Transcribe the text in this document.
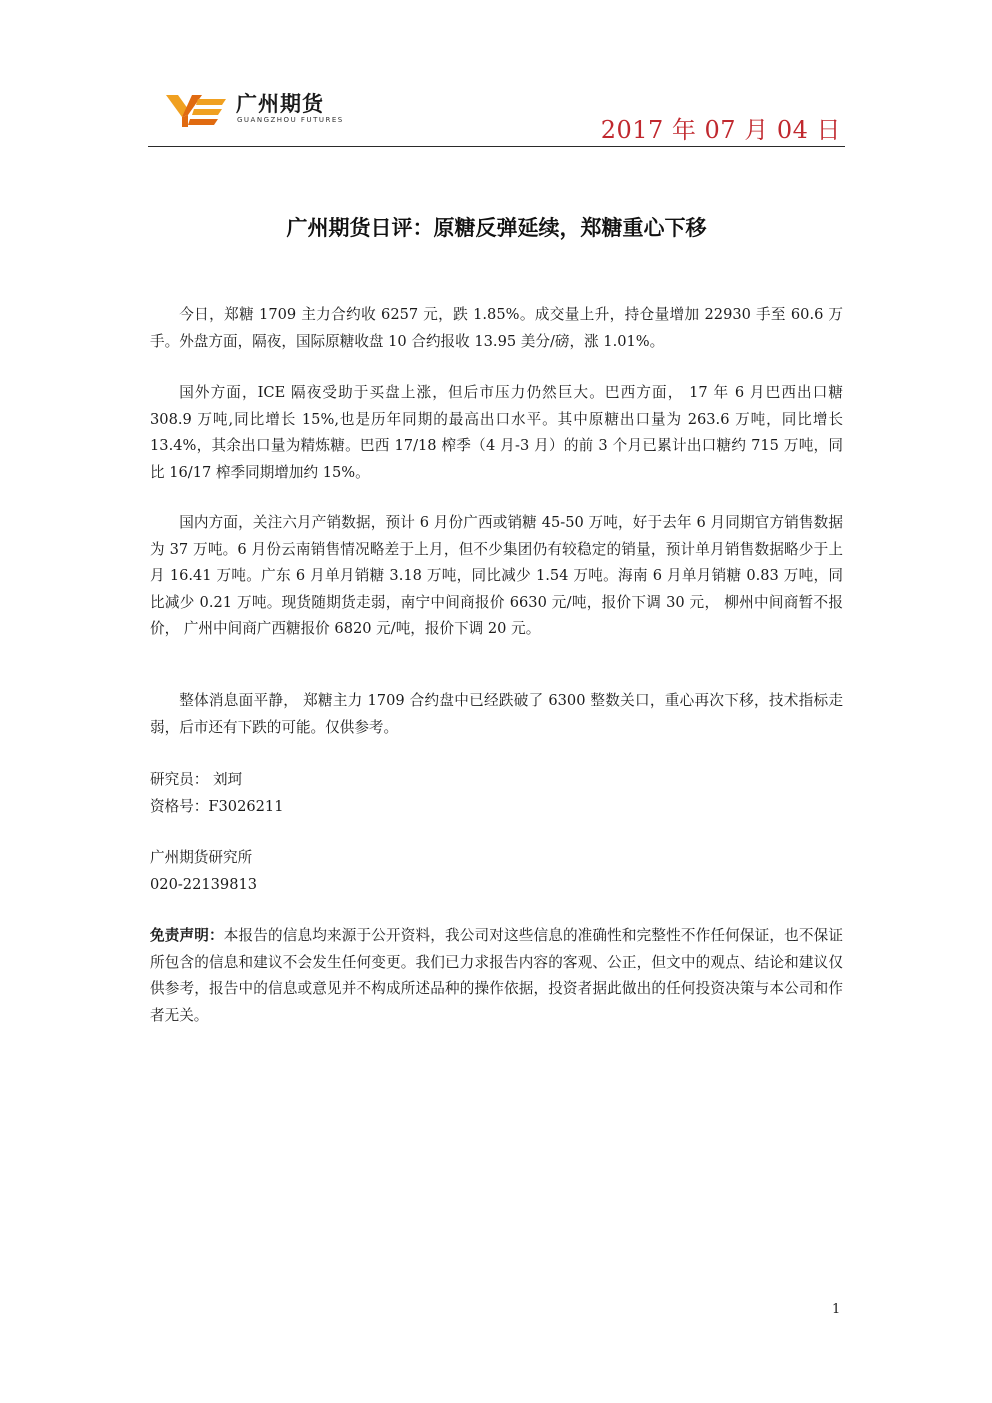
广州期货
GUANGZHOU FUTURES	2017 年 07 月 04 日
广州期货日评：原糖反弹延续，郑糖重心下移

今日，郑糖 1709 主力合约收 6257 元，跌 1.85%。成交量上升，持仓量增加 22930 手至 60.6 万手。外盘方面，隔夜，国际原糖收盘 10 合约报收 13.95 美分/磅，涨 1.01%。

国外方面，ICE 隔夜受助于买盘上涨，但后市压力仍然巨大。巴西方面， 17 年 6 月巴西出口糖 308.9 万吨,同比增长 15%,也是历年同期的最高出口水平。其中原糖出口量为 263.6 万吨，同比增长 13.4%，其余出口量为精炼糖。巴西 17/18 榨季（4 月-3 月）的前 3 个月已累计出口糖约 715 万吨，同比 16/17 榨季同期增加约 15%。

国内方面，关注六月产销数据，预计 6 月份广西或销糖 45-50 万吨，好于去年 6 月同期官方销售数据为 37 万吨。6 月份云南销售情况略差于上月，但不少集团仍有较稳定的销量，预计单月销售数据略少于上月 16.41 万吨。广东 6 月单月销糖 3.18 万吨，同比减少 1.54 万吨。海南 6 月单月销糖 0.83 万吨，同比减少 0.21 万吨。现货随期货走弱，南宁中间商报价 6630 元/吨，报价下调 30 元， 柳州中间商暂不报价， 广州中间商广西糖报价 6820 元/吨，报价下调 20 元。

整体消息面平静， 郑糖主力 1709 合约盘中已经跌破了 6300 整数关口，重心再次下移，技术指标走弱，后市还有下跌的可能。仅供参考。

研究员： 刘珂
资格号：F3026211
广州期货研究所
020-22139813

免责声明：本报告的信息均来源于公开资料，我公司对这些信息的准确性和完整性不作任何保证，也不保证所包含的信息和建议不会发生任何变更。我们已力求报告内容的客观、公正，但文中的观点、结论和建议仅供参考，报告中的信息或意见并不构成所述品种的操作依据，投资者据此做出的任何投资决策与本公司和作者无关。

1
